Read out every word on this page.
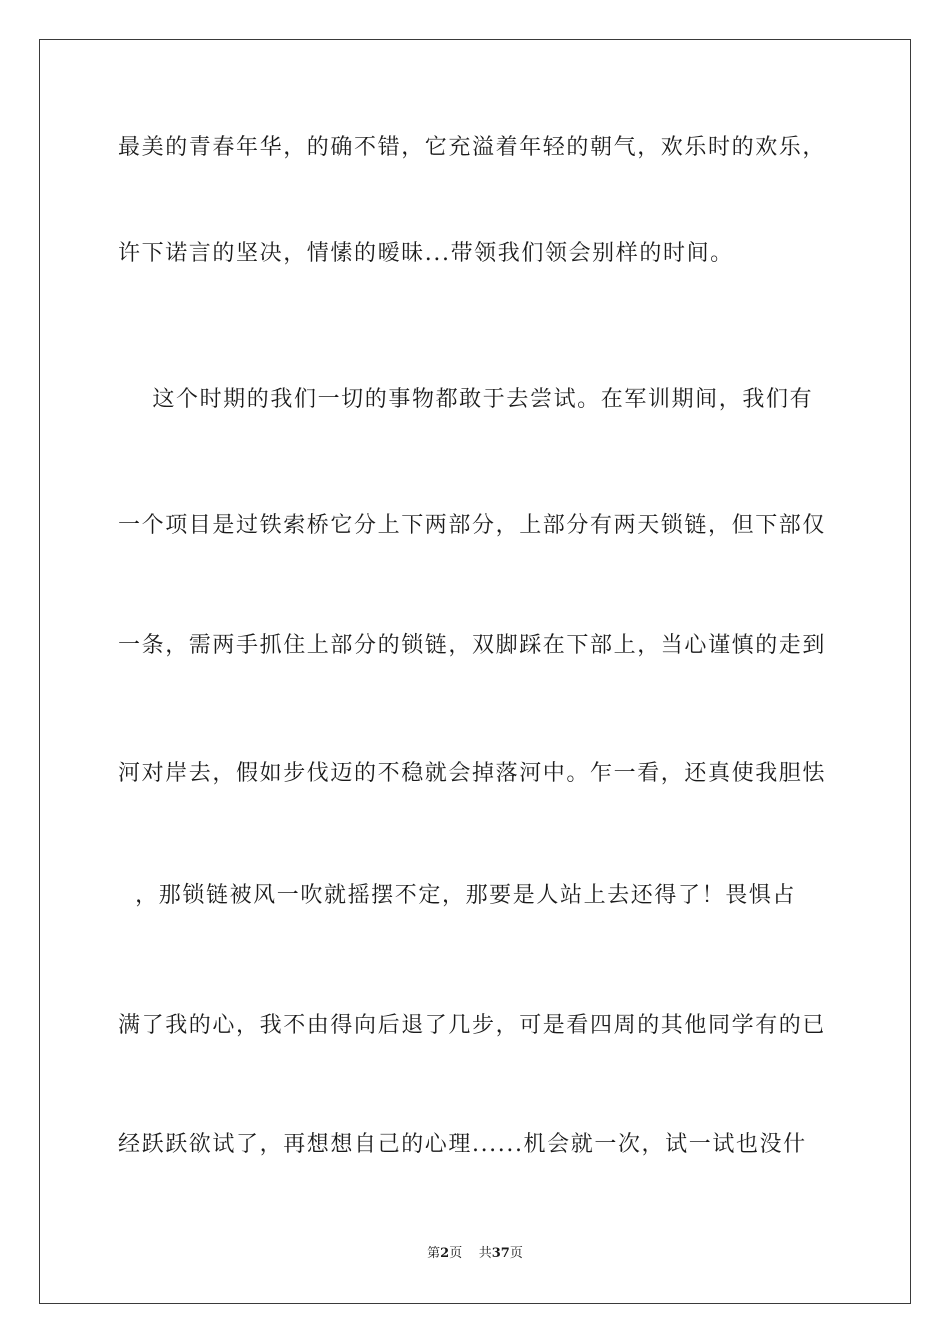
最美的青春年华，的确不错，它充溢着年轻的朝气，欢乐时的欢乐，
许下诺言的坚决，情愫的暧昧...带领我们领会别样的时间。
这个时期的我们一切的事物都敢于去尝试。在军训期间，我们有
一个项目是过铁索桥它分上下两部分，上部分有两天锁链，但下部仅
一条，需两手抓住上部分的锁链，双脚踩在下部上，当心谨慎的走到
河对岸去，假如步伐迈的不稳就会掉落河中。乍一看，还真使我胆怯
，那锁链被风一吹就摇摆不定，那要是人站上去还得了！畏惧占
满了我的心，我不由得向后退了几步，可是看四周的其他同学有的已
经跃跃欲试了，再想想自己的心理......机会就一次，试一试也没什
第2页 共37页
